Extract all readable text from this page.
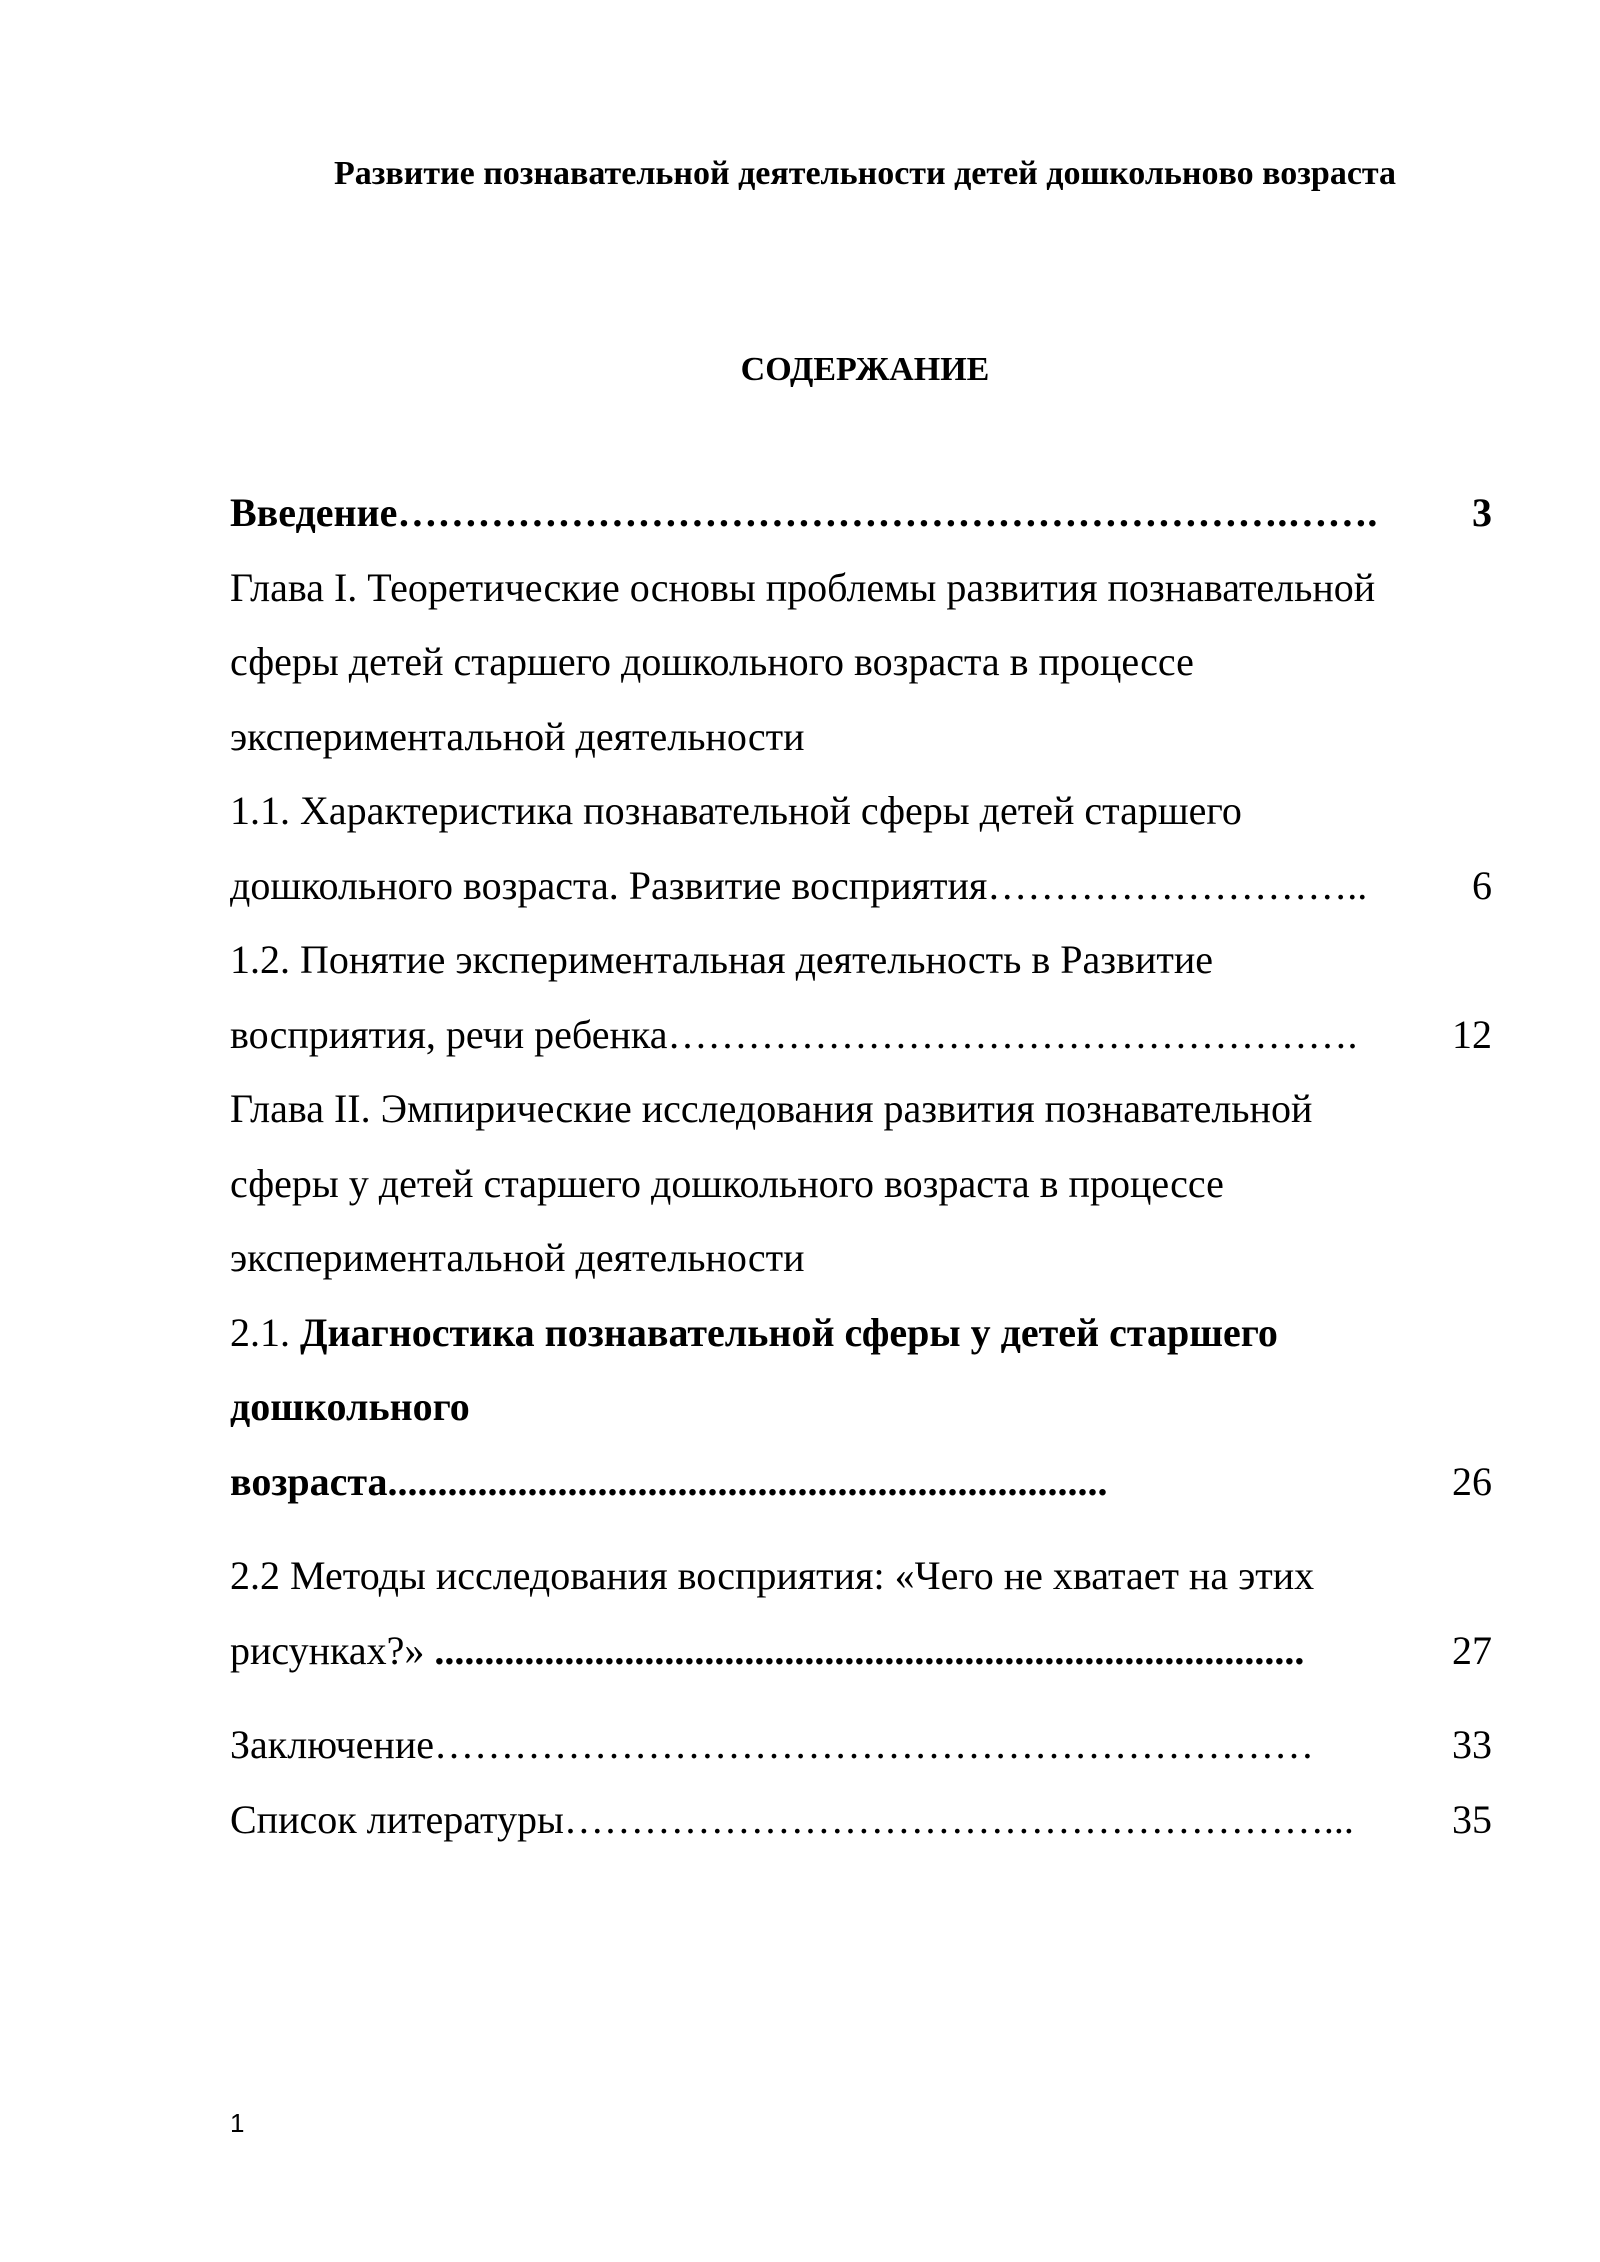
Развитие познавательной деятельности детей дошкольнoво возраста
СОДЕРЖАНИЕ
Введение ………………………………………………………….…….	3
Глава I. Теоретические основы проблемы развития познавательной
сферы детей старшего дошкольного возраста в процессе
экспериментальной деятельности
1.1. Характеристика познавательной сферы детей старшего
дошкольного возраста. Развитие восприятия ………………………..	6
1.2. Понятие экспериментальная деятельность в Развитие
восприятия, речи ребенка …………………………………………….	12
Глава II. Эмпирические исследования развития познавательной
сферы у детей старшего дошкольного возраста в процессе
экспериментальной деятельности
2.1. Диагностика познавательной сферы у детей старшего
дошкольного
возраста ........................................................................	26
2.2 Методы исследования восприятия: «Чего не хватает на этих
рисунках?» .......................................................................................	27
Заключение …………………………………………………………	33
Список литературы …………………………………………………...	35
1
